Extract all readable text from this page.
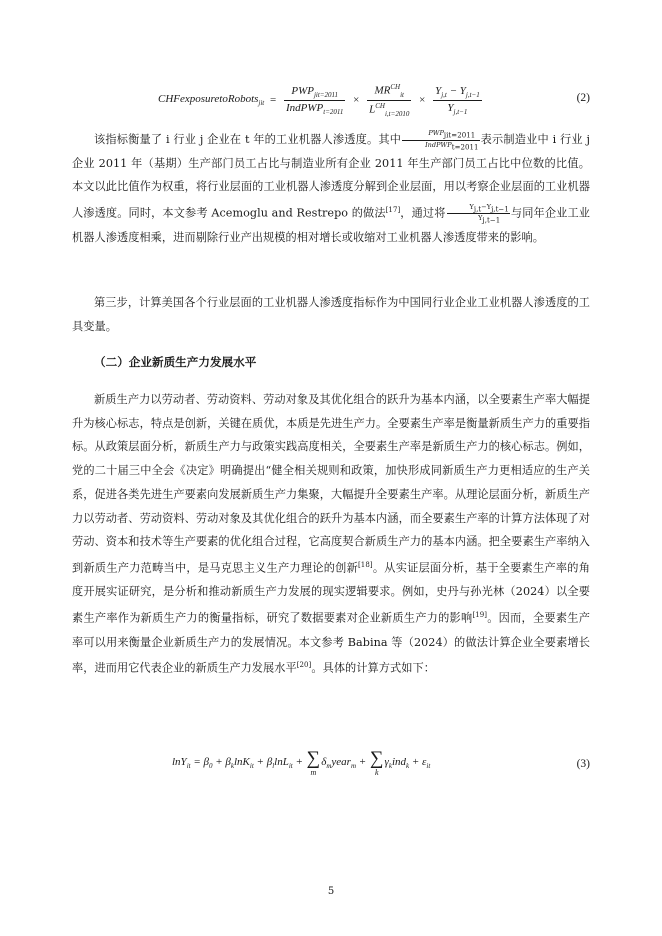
CHFexposuretoRobots$_{jit}$ = $\frac{PWP_{jit=2011}}{IndPWP_{t=2011}} \times \frac{MR^{CH}_{it}}{L^{CH}_{i,t=2010}} \times \frac{Y_{j,t} - Y_{j,t-1}}{Y_{j,t-1}}$	(2)

该指标衡量了 i 行业 j 企业在 t 年的工业机器人渗透度。其中	$PWP_{jit=2011}$
IndPWP$_{t=2011}$
表示制造业中 i 行业 j 企业 2011 年（基期）生产部门员工占比与制造业所有企业 2011 年生产部门员工占比中位数的比值。本文以此比值作为权重，将行业层面的工业机器人渗透度分解到企业层面，用以考察企业层面的工业机器人渗透度。同时，本文参考 Acemoglu and Restrepo 的做法[17]，通过将 $\frac{Y_{j,t}-Y_{j,t-1}}{Y_{j,t-1}}$ 与同年企业工业机器人渗透度相乘，进而剔除行业产出规模的相对增长或收缩对工业机器人渗透度带来的影响。

第三步，计算美国各个行业层面的工业机器人渗透度指标作为中国同行业企业工业机器人渗透度的工具变量。

（二）企业新质生产力发展水平

新质生产力以劳动者、劳动资料、劳动对象及其优化组合的跃升为基本内涵，以全要素生产率大幅提升为核心标志，特点是创新，关键在质优，本质是先进生产力。全要素生产率是衡量新质生产力的重要指标。从政策层面分析，新质生产力与政策实践高度相关，全要素生产率是新质生产力的核心标志。例如，党的二十届三中全会《决定》明确提出“健全相关规则和政策，加快形成同新质生产力更相适应的生产关系，促进各类先进生产要素向发展新质生产力集聚，大幅提升全要素生产率。从理论层面分析，新质生产力以劳动者、劳动资料、劳动对象及其优化组合的跃升为基本内涵，而全要素生产率的计算方法体现了对劳动、资本和技术等生产要素的优化组合过程，它高度契合新质生产力的基本内涵。把全要素生产率纳入到新质生产力范畴当中，是马克思主义生产力理论的创新[18]。从实证层面分析，基于全要素生产率的角度开展实证研究，是分析和推动新质生产力发展的现实逻辑要求。例如，史丹与孙光林（2024）以全要素生产率作为新质生产力的衡量指标，研究了数据要素对企业新质生产力的影响[19]。因而，全要素生产率可以用来衡量企业新质生产力的发展情况。本文参考 Babina 等（2024）的做法计算企业全要素增长率，进而用它代表企业的新质生产力发展水平[20]。具体的计算方式如下：

$\ln Y_{it} = \beta_0 + \beta_k\ln K_{it} + \beta_l\ln L_{it}$ + ∑
m
$\delta_myear_m$ + ∑
k
$\gamma_kind_k + \varepsilon_{it}$	(3)
5
